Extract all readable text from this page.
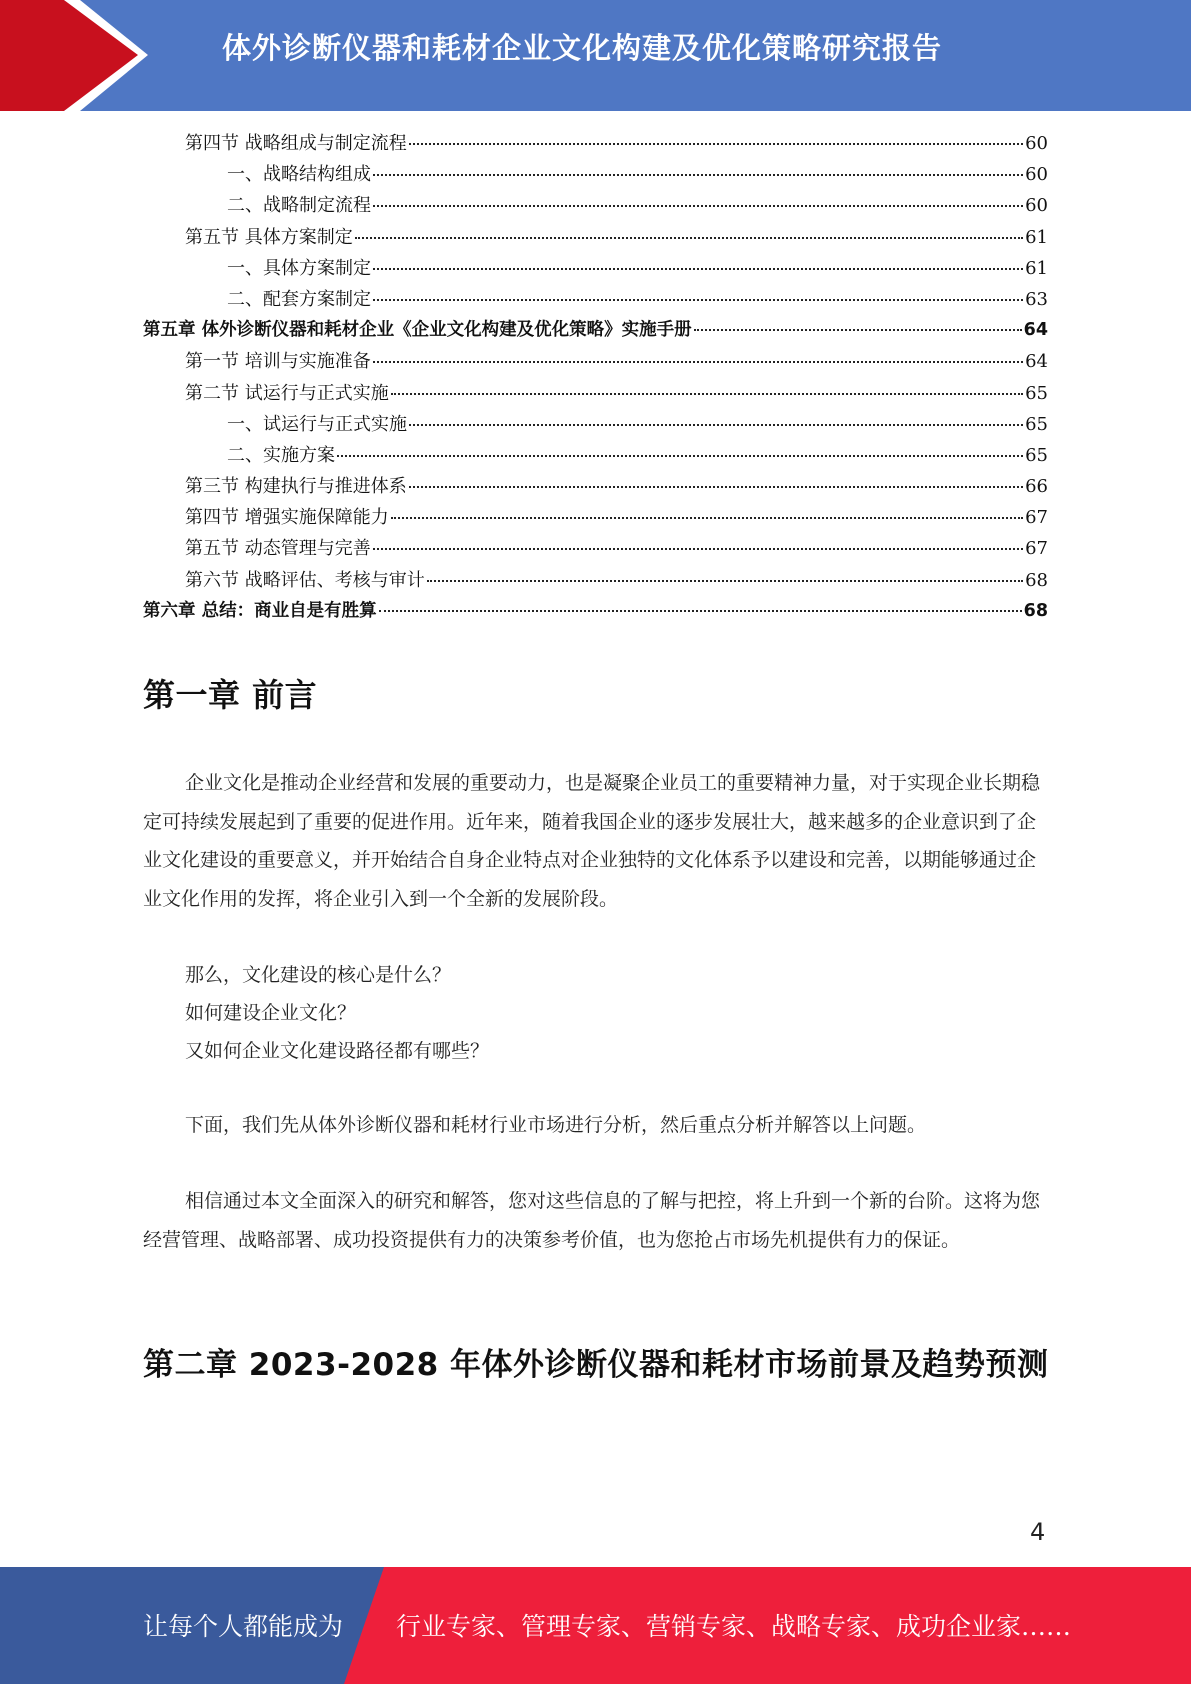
体外诊断仪器和耗材企业文化构建及优化策略研究报告
第四节 战略组成与制定流程	60
一、战略结构组成	60
二、战略制定流程	60
第五节 具体方案制定	61
一、具体方案制定	61
二、配套方案制定	63
第五章 体外诊断仪器和耗材企业《企业文化构建及优化策略》实施手册	64
第一节 培训与实施准备	64
第二节 试运行与正式实施	65
一、试运行与正式实施	65
二、实施方案	65
第三节 构建执行与推进体系	66
第四节 增强实施保障能力	67
第五节 动态管理与完善	67
第六节 战略评估、考核与审计	68
第六章 总结：商业自是有胜算	68
第一章 前言
企业文化是推动企业经营和发展的重要动力，也是凝聚企业员工的重要精神力量，对于实现企业长期稳定可持续发展起到了重要的促进作用。近年来，随着我国企业的逐步发展壮大，越来越多的企业意识到了企业文化建设的重要意义，并开始结合自身企业特点对企业独特的文化体系予以建设和完善，以期能够通过企业文化作用的发挥，将企业引入到一个全新的发展阶段。
那么，文化建设的核心是什么？
如何建设企业文化？
又如何企业文化建设路径都有哪些？
下面，我们先从体外诊断仪器和耗材行业市场进行分析，然后重点分析并解答以上问题。
相信通过本文全面深入的研究和解答，您对这些信息的了解与把控，将上升到一个新的台阶。这将为您经营管理、战略部署、成功投资提供有力的决策参考价值，也为您抢占市场先机提供有力的保证。
第二章 2023-2028 年体外诊断仪器和耗材市场前景及趋势预测
4
让每个人都能成为 行业专家、管理专家、营销专家、战略专家、成功企业家……
